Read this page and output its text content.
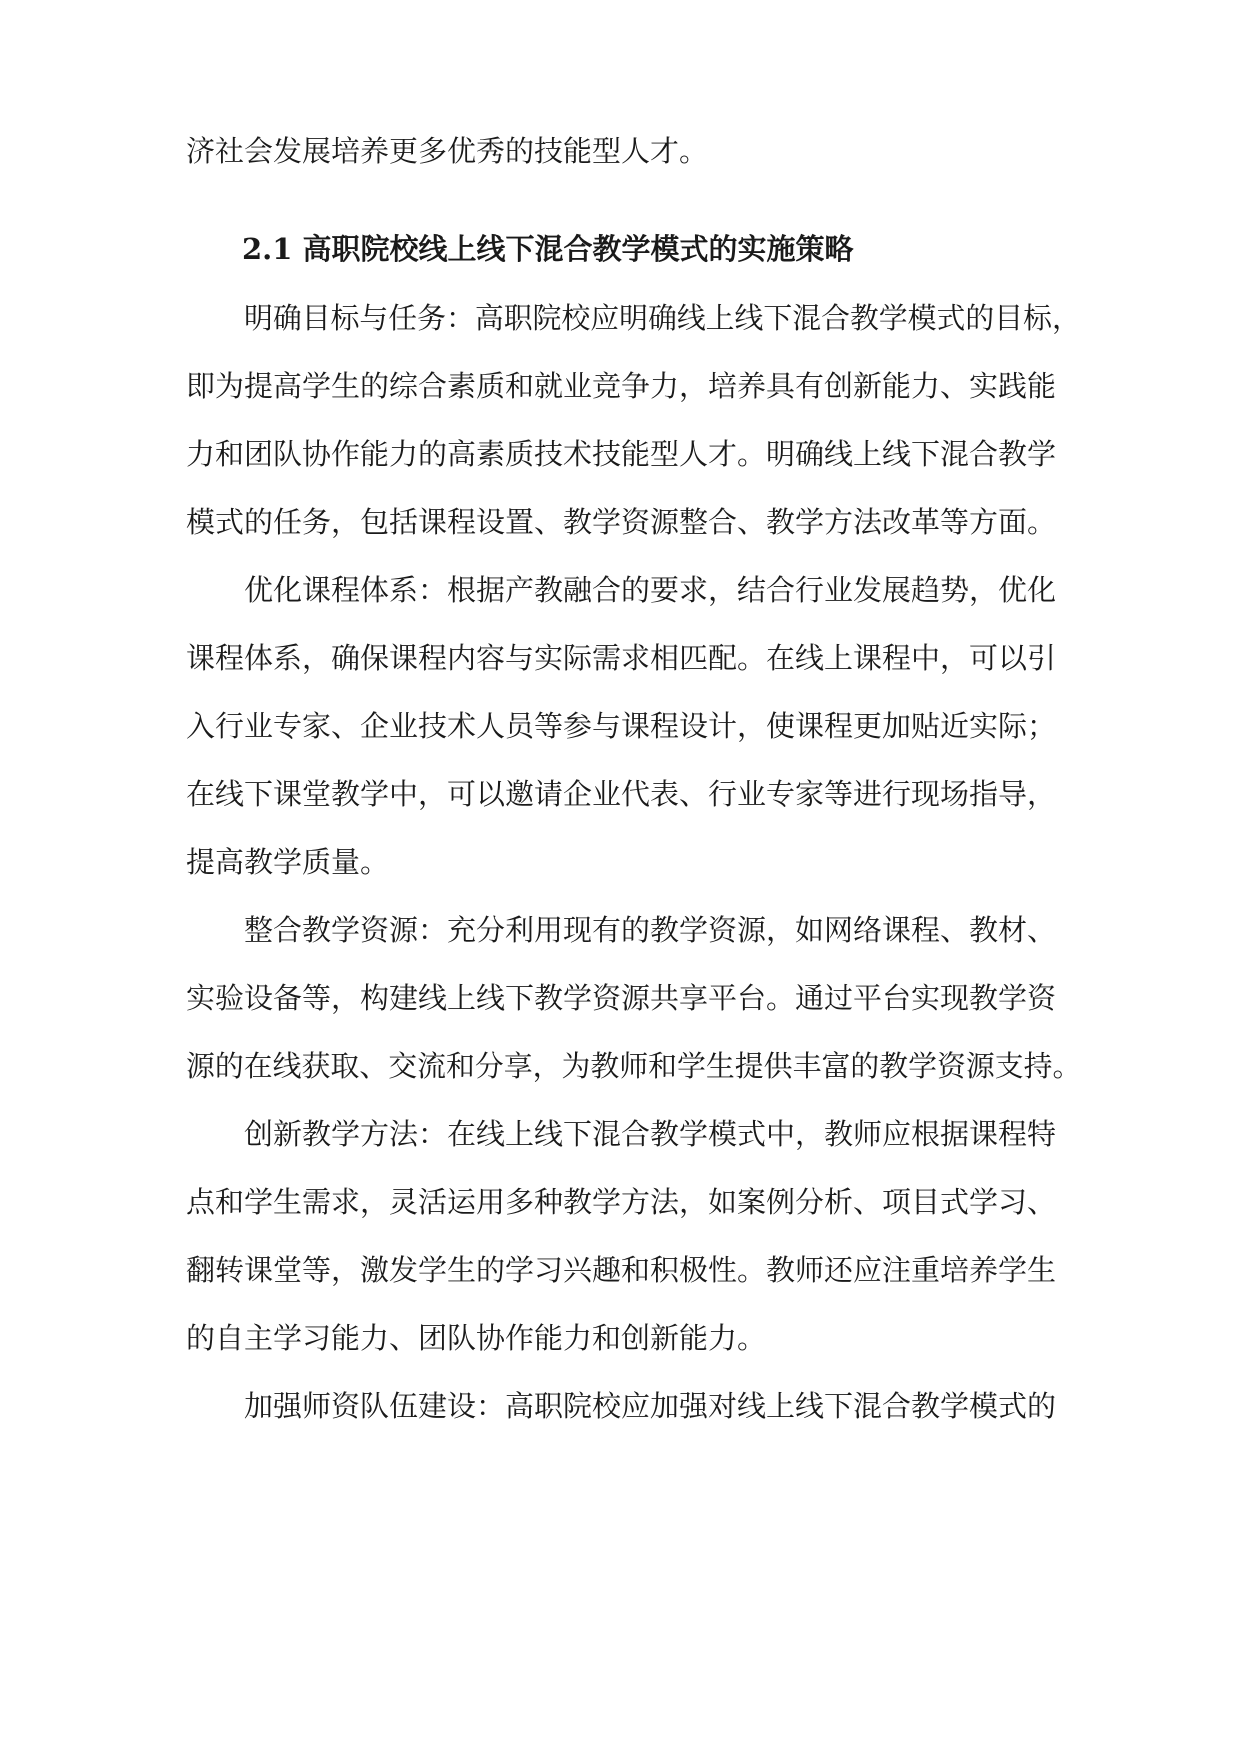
济社会发展培养更多优秀的技能型人才。
2.1 高职院校线上线下混合教学模式的实施策略
明确目标与任务：高职院校应明确线上线下混合教学模式的目标，
即为提高学生的综合素质和就业竞争力，培养具有创新能力、实践能
力和团队协作能力的高素质技术技能型人才。明确线上线下混合教学
模式的任务，包括课程设置、教学资源整合、教学方法改革等方面。
优化课程体系：根据产教融合的要求，结合行业发展趋势，优化
课程体系，确保课程内容与实际需求相匹配。在线上课程中，可以引
入行业专家、企业技术人员等参与课程设计，使课程更加贴近实际；
在线下课堂教学中，可以邀请企业代表、行业专家等进行现场指导，
提高教学质量。
整合教学资源：充分利用现有的教学资源，如网络课程、教材、
实验设备等，构建线上线下教学资源共享平台。通过平台实现教学资
源的在线获取、交流和分享，为教师和学生提供丰富的教学资源支持。
创新教学方法：在线上线下混合教学模式中，教师应根据课程特
点和学生需求，灵活运用多种教学方法，如案例分析、项目式学习、
翻转课堂等，激发学生的学习兴趣和积极性。教师还应注重培养学生
的自主学习能力、团队协作能力和创新能力。
加强师资队伍建设：高职院校应加强对线上线下混合教学模式的
